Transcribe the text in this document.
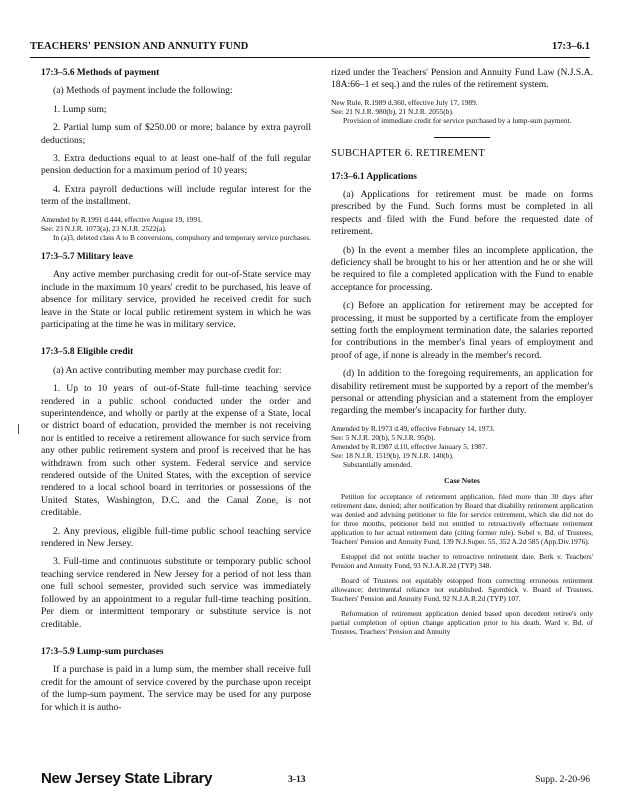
TEACHERS' PENSION AND ANNUITY FUND	17:3–6.1
17:3–5.6 Methods of payment

(a) Methods of payment include the following:

1. Lump sum;

2. Partial lump sum of $250.00 or more; balance by extra payroll deductions;

3. Extra deductions equal to at least one-half of the full regular pension deduction for a maximum period of 10 years;

4. Extra payroll deductions will include regular interest for the term of the installment.

Amended by R.1991 d.444, effective August 19, 1991.

See: 23 N.J.R. 1073(a), 23 N.J.R. 2522(a).

In (a)3, deleted class A to B conversions, compulsory and temporary service purchases.

17:3–5.7 Military leave

Any active member purchasing credit for out-of-State service may include in the maximum 10 years' credit to be purchased, his leave of absence for military service, provided he received credit for such leave in the State or local public retirement system in which he was participating at the time he was in military service.

17:3–5.8 Eligible credit

(a) An active contributing member may purchase credit for:

1. Up to 10 years of out-of-State full-time teaching service rendered in a public school conducted under the order and superintendence, and wholly or partly at the expense of a State, local or district board of education, provided the member is not receiving nor is entitled to receive a retirement allowance for such service from any other public retirement system and proof is received that he has withdrawn from such other system. Federal service and service rendered outside of the United States, with the exception of service rendered to a local school board in territories or possessions of the United States, Washington, D.C. and the Canal Zone, is not creditable.

2. Any previous, eligible full-time public school teaching service rendered in New Jersey.

3. Full-time and continuous substitute or temporary public school teaching service rendered in New Jersey for a period of not less than one full school semester, provided such service was immediately followed by an appointment to a regular full-time teaching position. Per diem or intermittent temporary or substitute service is not creditable.

17:3–5.9 Lump-sum purchases

If a purchase is paid in a lump sum, the member shall receive full credit for the amount of service covered by the purchase upon receipt of the lump-sum payment. The service may be used for any purpose for which it is autho-

rized under the Teachers' Pension and Annuity Fund Law (N.J.S.A. 18A:66–1 et seq.) and the rules of the retirement system.

New Rule, R.1989 d.360, effective July 17, 1989.

See: 21 N.J.R. 980(b), 21 N.J.R. 2055(b).

Provision of immediate credit for service purchased by a lump-sum payment.

SUBCHAPTER 6. RETIREMENT
17:3–6.1 Applications

(a) Applications for retirement must be made on forms prescribed by the Fund. Such forms must be completed in all respects and filed with the Fund before the requested date of retirement.

(b) In the event a member files an incomplete application, the deficiency shall be brought to his or her attention and he or she will be required to file a completed application with the Fund to enable acceptance for processing.

(c) Before an application for retirement may be accepted for processing, it must be supported by a certificate from the employer setting forth the employment termination date, the salaries reported for contributions in the member's final years of employment and proof of age, if none is already in the member's record.

(d) In addition to the foregoing requirements, an application for disability retirement must be supported by a report of the member's personal or attending physician and a statement from the employer regarding the member's incapacity for further duty.

Amended by R.1973 d.49, effective February 14, 1973.

See: 5 N.J.R. 20(b), 5 N.J.R. 95(b).

Amended by R.1987 d.10, effective January 5, 1987.

See: 18 N.J.R. 1519(b), 19 N.J.R. 140(b).

Substantially amended.

Case Notes

Petition for acceptance of retirement application, filed more than 30 days after retirement date, denied; after notification by Board that disability retirement application was denied and advising petitioner to file for service retirement, which she did not do for three months, petitioner held not entitled to retroactively effectuate retirement application to her actual retirement date (citing former rule). Sobel v. Bd. of Trustees, Teachers' Pension and Annuity Fund, 139 N.J.Super. 55, 352 A.2d 585 (App.Div.1976).

Estoppel did not entitle teacher to retroactive retirement date. Berk v. Teachers' Pension and Annuity Fund, 93 N.J.A.R.2d (TYP) 348.

Board of Trustees not equitably estopped from correcting erroneous retirement allowance; detrimental reliance not established. Sgombick v. Board of Trustees, Teachers' Pension and Annuity Fund, 92 N.J.A.R.2d (TYP) 107.

Reformation of retirement application denied based upon decedent retiree's only partial completion of option change application prior to his death. Ward v. Bd. of Trustees, Teachers' Pension and Annuity

New Jersey State Library	3-13	Supp. 2-20-96
